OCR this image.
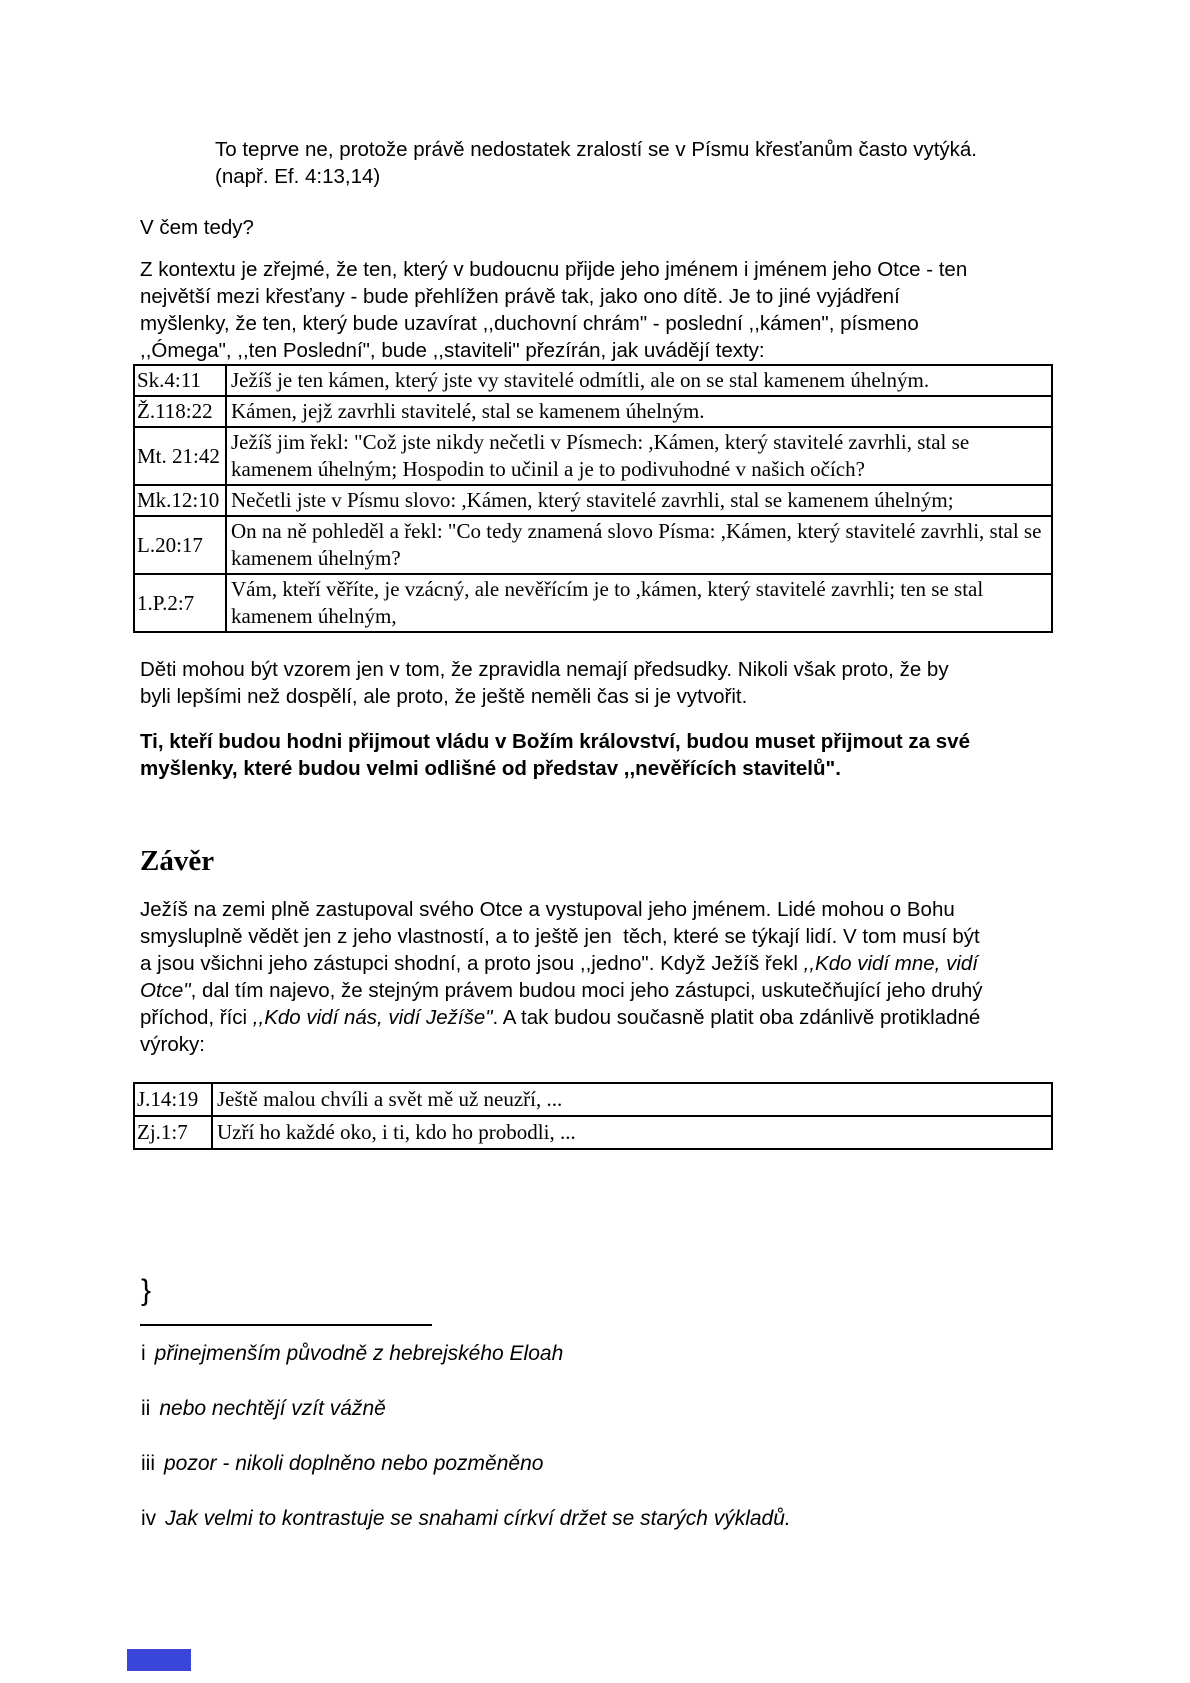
To teprve ne, protože právě nedostatek zralostí se v Písmu křesťanům často vytýká.
(např. Ef. 4:13,14)
V čem tedy?
Z kontextu je zřejmé, že ten, který v budoucnu přijde jeho jménem i jménem jeho Otce - ten
největší mezi křesťany - bude přehlížen právě tak, jako ono dítě. Je to jiné vyjádření
myšlenky, že ten, který bude uzavírat ,,duchovní chrám" - poslední ,,kámen", písmeno
,,Ómega", ,,ten Poslední", bude ,,staviteli" přezírán, jak uvádějí texty:
Sk.4:11	Ježíš je ten kámen, který jste vy stavitelé odmítli, ale on se stal kamenem úhelným.
Ž.118:22	Kámen, jejž zavrhli stavitelé, stal se kamenem úhelným.
Mt. 21:42	Ježíš jim řekl: "Což jste nikdy nečetli v Písmech: ,Kámen, který stavitelé zavrhli, stal se kamenem úhelným; Hospodin to učinil a je to podivuhodné v našich očích?
Mk.12:10	Nečetli jste v Písmu slovo: ,Kámen, který stavitelé zavrhli, stal se kamenem úhelným;
L.20:17	On na ně pohleděl a řekl: "Co tedy znamená slovo Písma: ,Kámen, který stavitelé zavrhli, stal se kamenem úhelným?
1.P.2:7	Vám, kteří věříte, je vzácný, ale nevěřícím je to ,kámen, který stavitelé zavrhli; ten se stal kamenem úhelným,
Děti mohou být vzorem jen v tom, že zpravidla nemají předsudky. Nikoli však proto, že by
byli lepšími než dospělí, ale proto, že ještě neměli čas si je vytvořit.
Ti, kteří budou hodni přijmout vládu v Božím království, budou muset přijmout za své
myšlenky, které budou velmi odlišné od představ ,,nevěřících stavitelů".
Závěr
Ježíš na zemi plně zastupoval svého Otce a vystupoval jeho jménem. Lidé mohou o Bohu
smysluplně vědět jen z jeho vlastností, a to ještě jen  těch, které se týkají lidí. V tom musí být
a jsou všichni jeho zástupci shodní, a proto jsou ,,jedno". Když Ježíš řekl ,,Kdo vidí mne, vidí
Otce", dal tím najevo, že stejným právem budou moci jeho zástupci, uskutečňující jeho druhý
příchod, říci ,,Kdo vidí nás, vidí Ježíše". A tak budou současně platit oba zdánlivě protikladné
výroky:
J.14:19	Ještě malou chvíli a svět mě už neuzří, ...
Zj.1:7	Uzří ho každé oko, i ti, kdo ho probodli, ...
}
i přinejmenším původně z hebrejského Eloah
ii nebo nechtějí vzít vážně
iii pozor - nikoli doplněno nebo pozměněno
iv Jak velmi to kontrastuje se snahami církví držet se starých výkladů.
